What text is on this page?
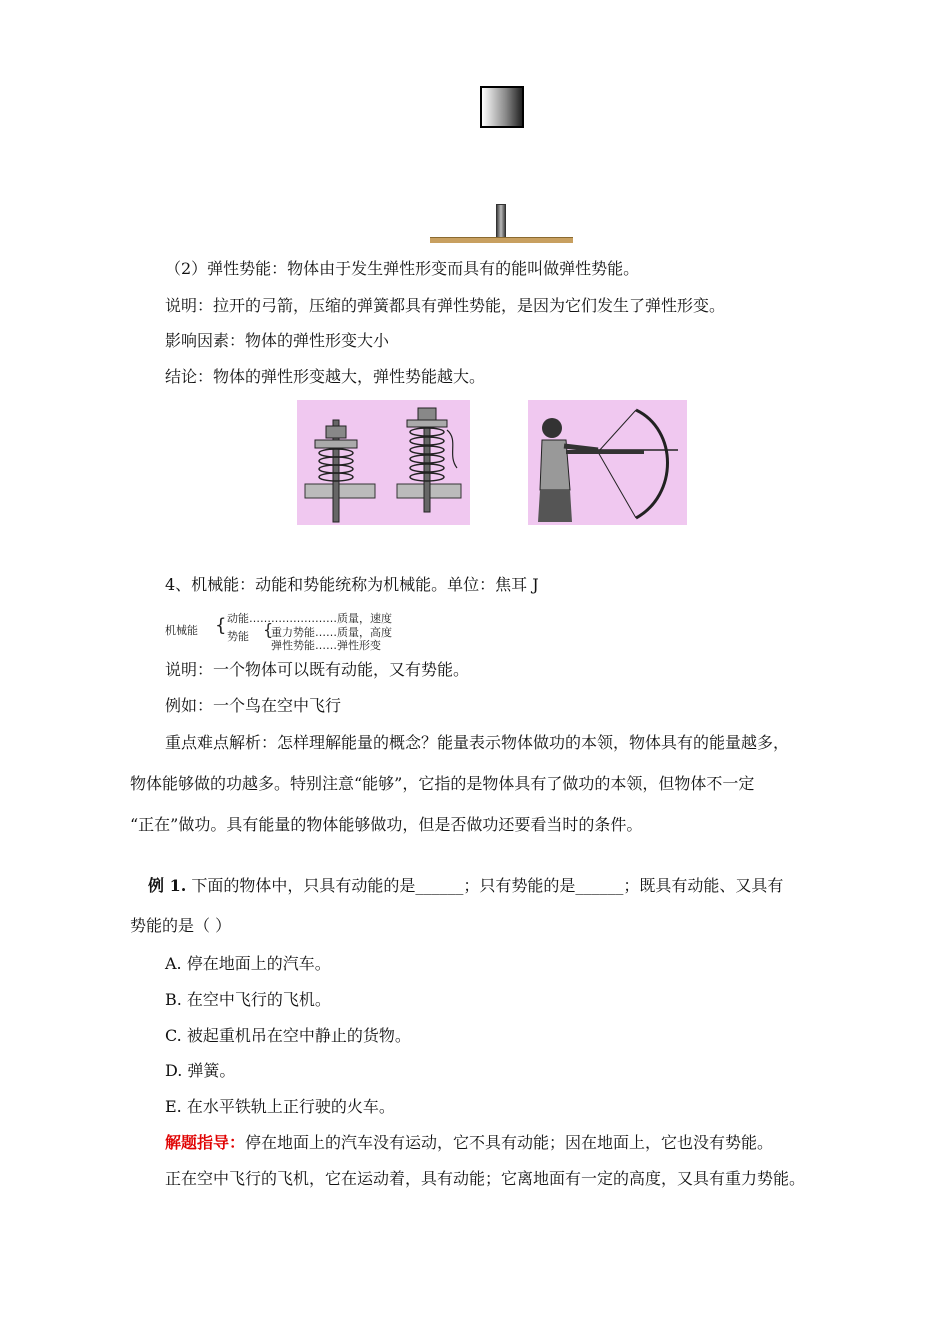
（2）弹性势能：物体由于发生弹性形变而具有的能叫做弹性势能。
说明：拉开的弓箭，压缩的弹簧都具有弹性势能，是因为它们发生了弹性形变。
影响因素：物体的弹性形变大小
结论：物体的弹性形变越大，弹性势能越大。
4、机械能：动能和势能统称为机械能。单位：焦耳 J
机械能 { 动能……………………质量，速度
势能 {
重力势能……质量，高度
弹性势能……弹性形变
说明：一个物体可以既有动能，又有势能。
例如：一个鸟在空中飞行
重点难点解析：怎样理解能量的概念？能量表示物体做功的本领，物体具有的能量越多，
物体能够做的功越多。特别注意“能够”，它指的是物体具有了做功的本领，但物体不一定
“正在”做功。具有能量的物体能够做功，但是否做功还要看当时的条件。
例 1. 下面的物体中，只具有动能的是______；只有势能的是______；既具有动能、又具有
势能的是（ ）
A. 停在地面上的汽车。
B. 在空中飞行的飞机。
C. 被起重机吊在空中静止的货物。
D. 弹簧。
E. 在水平铁轨上正行驶的火车。
解题指导：停在地面上的汽车没有运动，它不具有动能；因在地面上，它也没有势能。
正在空中飞行的飞机，它在运动着，具有动能；它离地面有一定的高度，又具有重力势能。
